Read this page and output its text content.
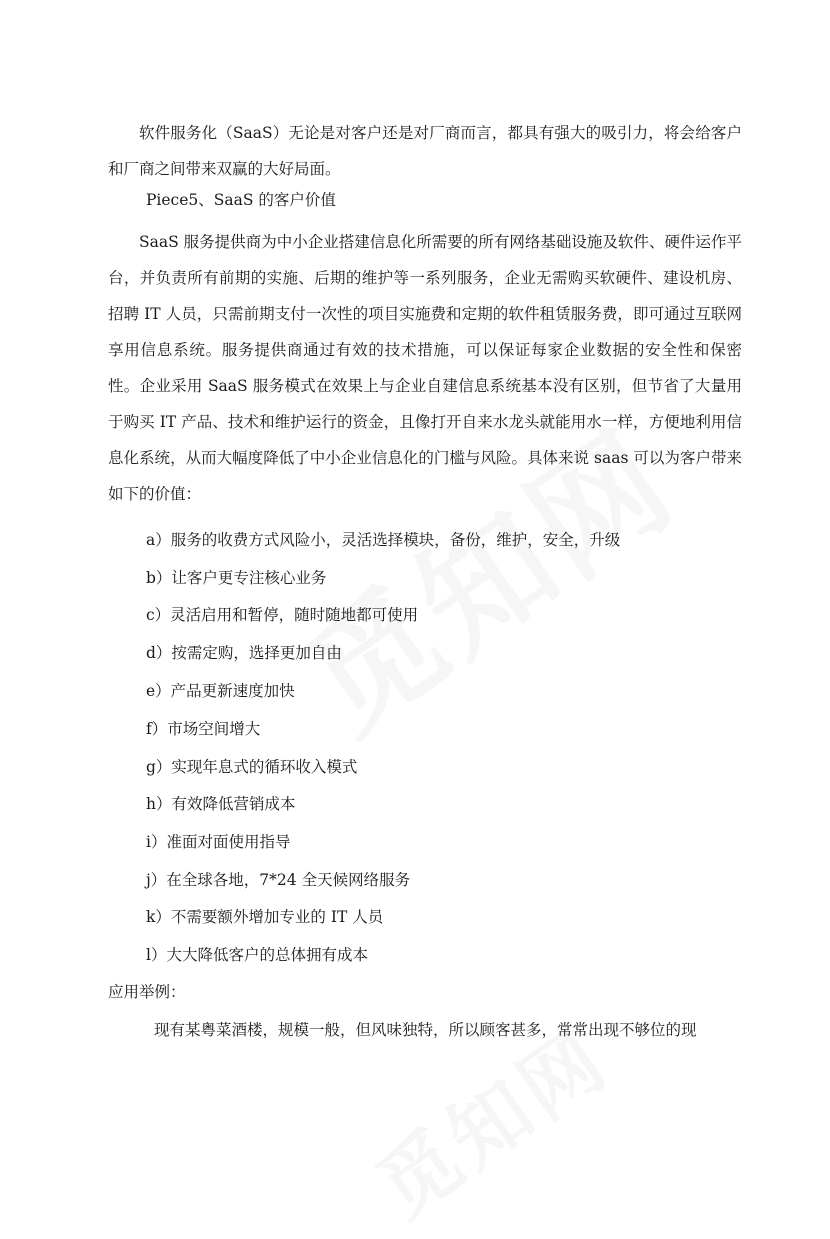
软件服务化（SaaS）无论是对客户还是对厂商而言，都具有强大的吸引力，将会给客户和厂商之间带来双赢的大好局面。

Piece5、SaaS 的客户价值

SaaS 服务提供商为中小企业搭建信息化所需要的所有网络基础设施及软件、硬件运作平台，并负责所有前期的实施、后期的维护等一系列服务，企业无需购买软硬件、建设机房、招聘 IT 人员，只需前期支付一次性的项目实施费和定期的软件租赁服务费，即可通过互联网享用信息系统。服务提供商通过有效的技术措施，可以保证每家企业数据的安全性和保密性。企业采用 SaaS 服务模式在效果上与企业自建信息系统基本没有区别，但节省了大量用于购买 IT 产品、技术和维护运行的资金，且像打开自来水龙头就能用水一样，方便地利用信息化系统，从而大幅度降低了中小企业信息化的门槛与风险。具体来说 saas 可以为客户带来如下的价值：

a）服务的收费方式风险小，灵活选择模块，备份，维护，安全，升级

b）让客户更专注核心业务

c）灵活启用和暂停，随时随地都可使用

d）按需定购，选择更加自由

e）产品更新速度加快

f）市场空间增大

g）实现年息式的循环收入模式

h）有效降低营销成本

i）准面对面使用指导

j）在全球各地，7*24 全天候网络服务

k）不需要额外增加专业的 IT 人员

l）大大降低客户的总体拥有成本

应用举例：

现有某粤菜酒楼，规模一般，但风味独特，所以顾客甚多，常常出现不够位的现
